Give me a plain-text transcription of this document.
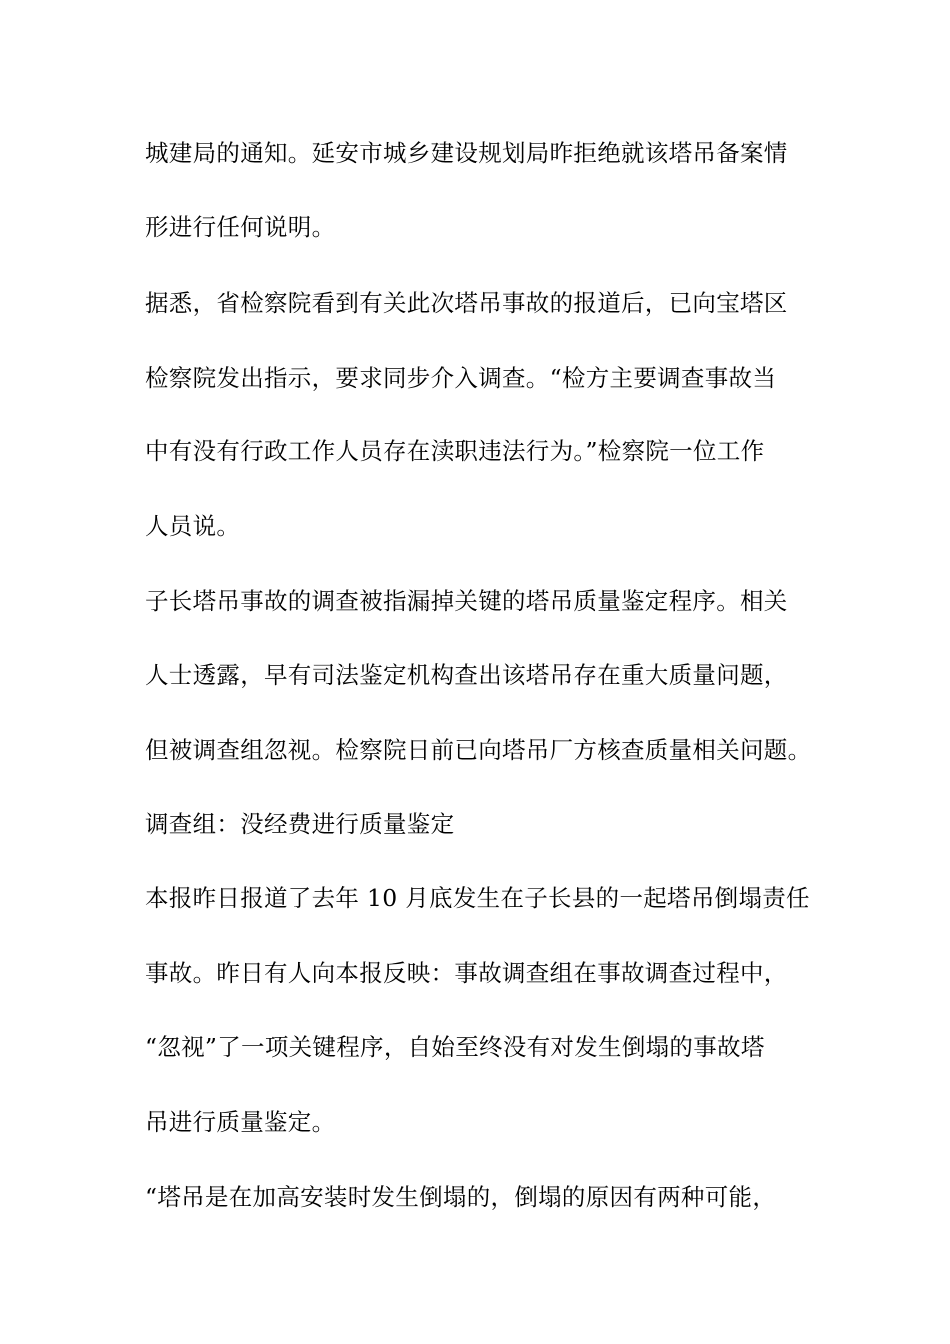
城建局的通知。延安市城乡建设规划局昨拒绝就该塔吊备案情

形进行任何说明。

据悉，省检察院看到有关此次塔吊事故的报道后，已向宝塔区

检察院发出指示，要求同步介入调查。“检方主要调查事故当

中有没有行政工作人员存在渎职违法行为。”检察院一位工作

人员说。

子长塔吊事故的调查被指漏掉关键的塔吊质量鉴定程序。相关

人士透露，早有司法鉴定机构查出该塔吊存在重大质量问题，

但被调查组忽视。检察院日前已向塔吊厂方核查质量相关问题。

调查组：没经费进行质量鉴定

本报昨日报道了去年 10 月底发生在子长县的一起塔吊倒塌责任

事故。昨日有人向本报反映：事故调查组在事故调查过程中，

“忽视”了一项关键程序，自始至终没有对发生倒塌的事故塔

吊进行质量鉴定。

“塔吊是在加高安装时发生倒塌的，倒塌的原因有两种可能，
